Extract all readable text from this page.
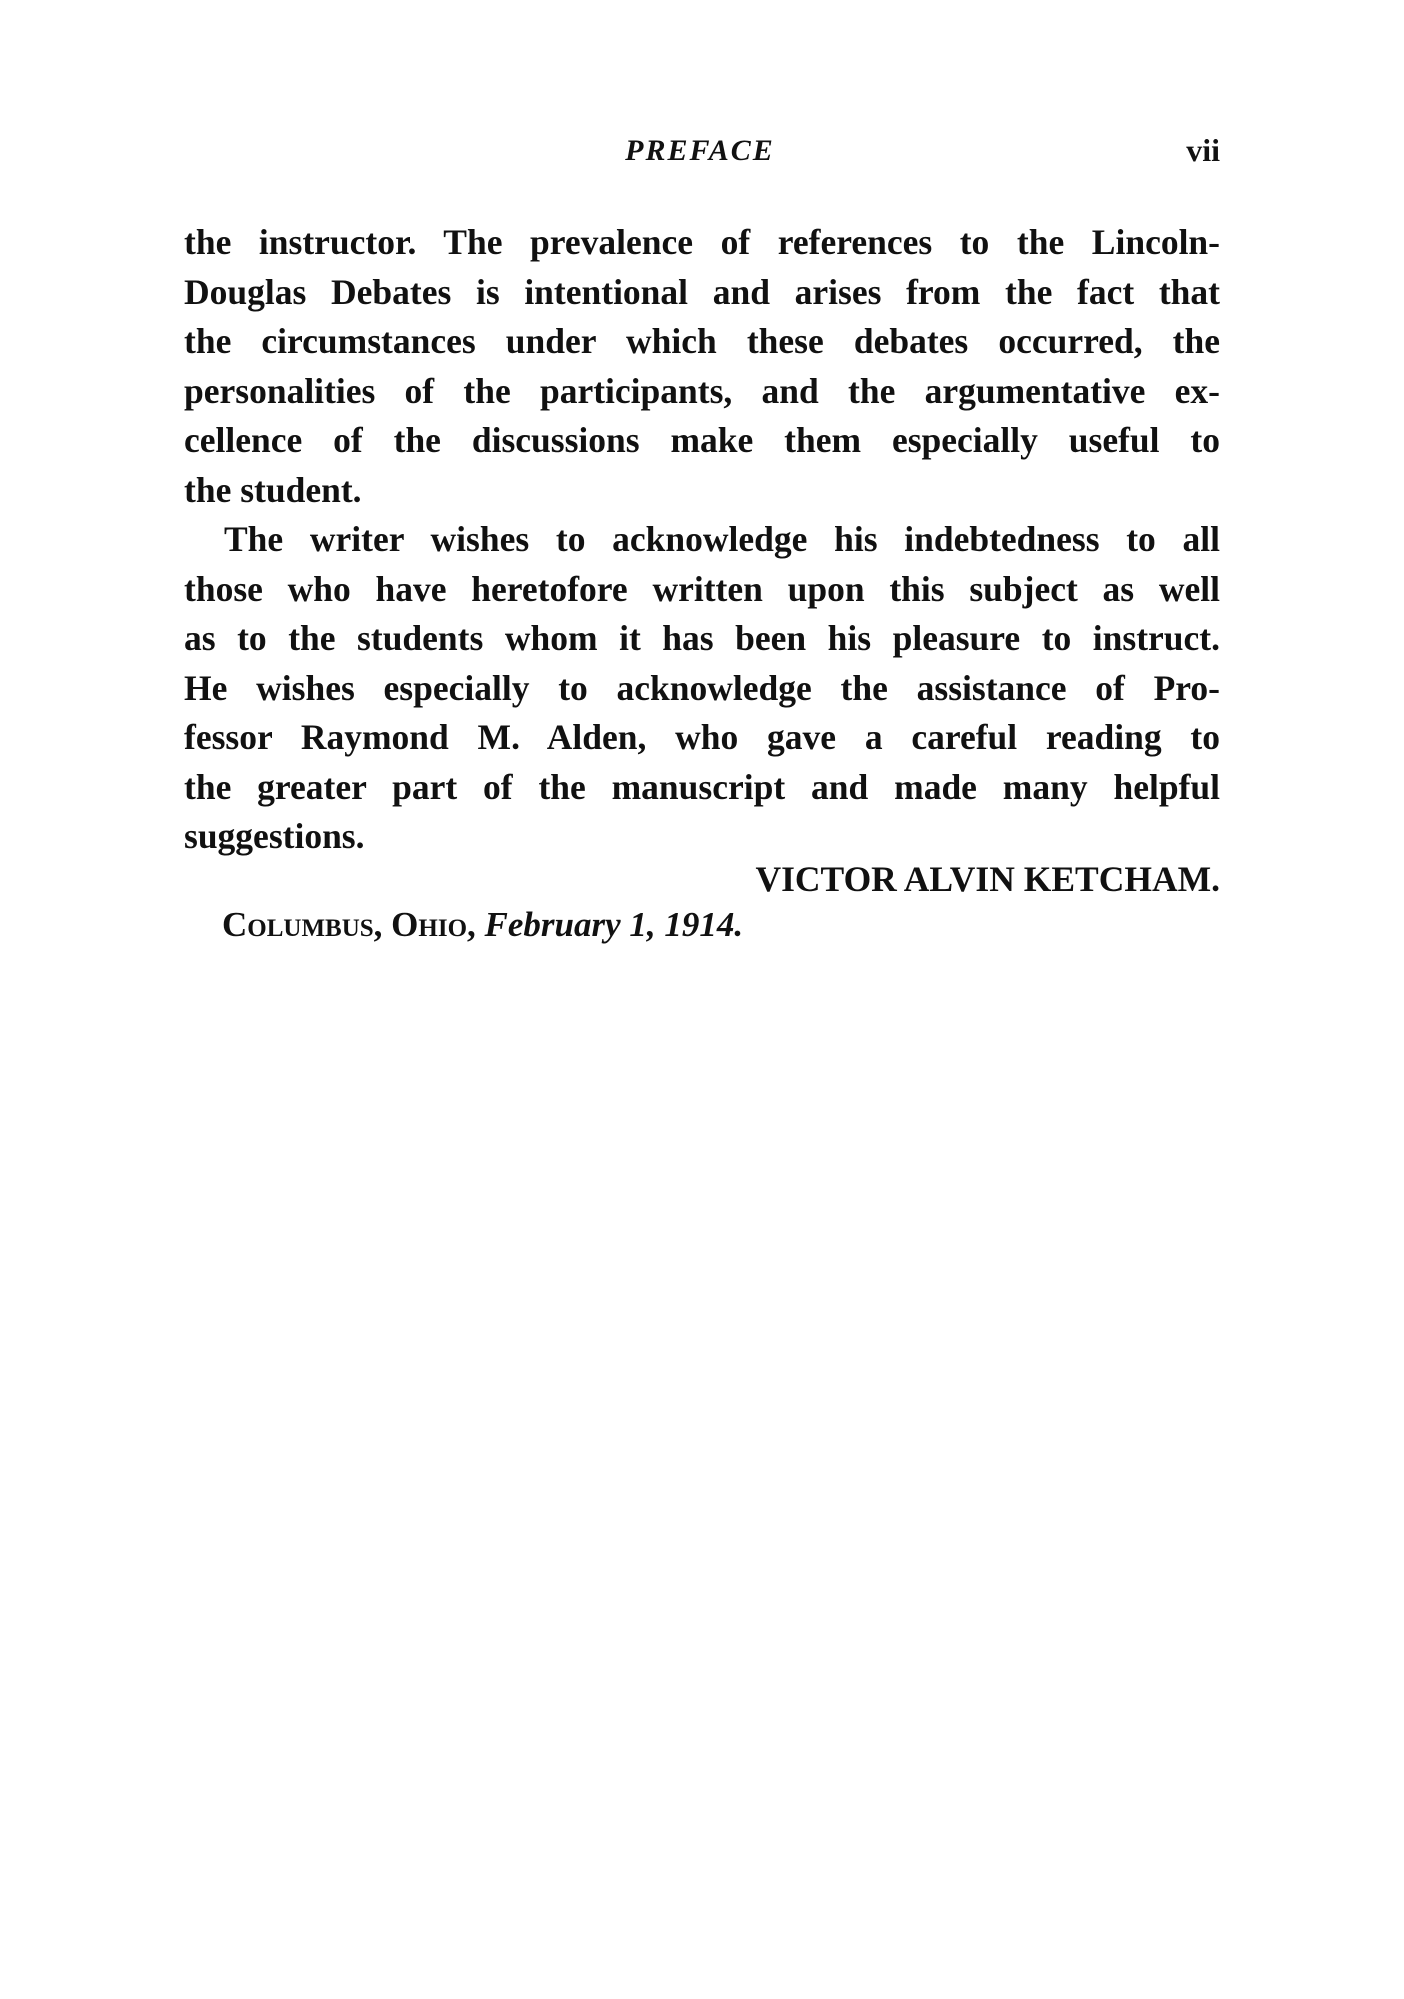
PREFACE	vii
the instructor. The prevalence of references to the Lincoln-
Douglas Debates is intentional and arises from the fact that
the circumstances under which these debates occurred, the
personalities of the participants, and the argumentative ex-
cellence of the discussions make them especially useful to
the student.
The writer wishes to acknowledge his indebtedness to all
those who have heretofore written upon this subject as well
as to the students whom it has been his pleasure to instruct.
He wishes especially to acknowledge the assistance of Pro-
fessor Raymond M. Alden, who gave a careful reading to
the greater part of the manuscript and made many helpful
suggestions.
VICTOR ALVIN KETCHAM.
Columbus, Ohio, February 1, 1914.
